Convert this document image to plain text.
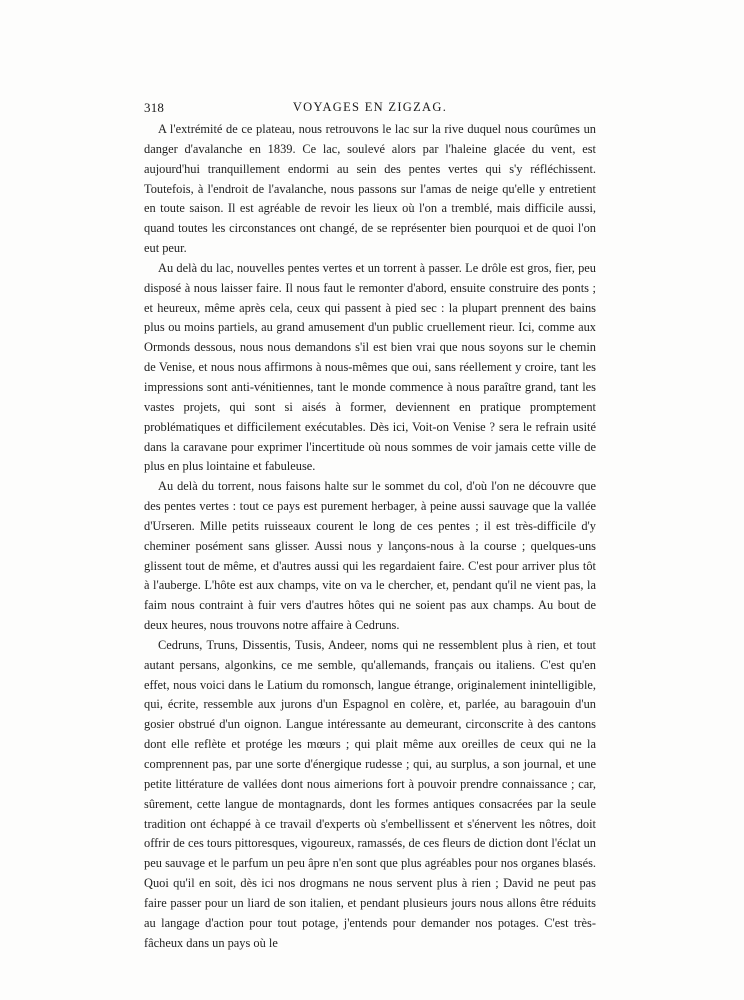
318	VOYAGES EN ZIGZAG.

A l'extrémité de ce plateau, nous retrouvons le lac sur la rive duquel nous courûmes un danger d'avalanche en 1839. Ce lac, soulevé alors par l'haleine glacée du vent, est aujourd'hui tranquillement endormi au sein des pentes vertes qui s'y réfléchissent. Toutefois, à l'endroit de l'avalanche, nous passons sur l'amas de neige qu'elle y entretient en toute saison. Il est agréable de revoir les lieux où l'on a tremblé, mais difficile aussi, quand toutes les circonstances ont changé, de se représenter bien pourquoi et de quoi l'on eut peur.

Au delà du lac, nouvelles pentes vertes et un torrent à passer. Le drôle est gros, fier, peu disposé à nous laisser faire. Il nous faut le remonter d'abord, ensuite construire des ponts ; et heureux, même après cela, ceux qui passent à pied sec : la plupart prennent des bains plus ou moins partiels, au grand amusement d'un public cruellement rieur. Ici, comme aux Ormonds dessous, nous nous demandons s'il est bien vrai que nous soyons sur le chemin de Venise, et nous nous affirmons à nous-mêmes que oui, sans réellement y croire, tant les impressions sont anti-vénitiennes, tant le monde commence à nous paraître grand, tant les vastes projets, qui sont si aisés à former, deviennent en pratique promptement problématiques et difficilement exécutables. Dès ici, Voit-on Venise ? sera le refrain usité dans la caravane pour exprimer l'incertitude où nous sommes de voir jamais cette ville de plus en plus lointaine et fabuleuse.

Au delà du torrent, nous faisons halte sur le sommet du col, d'où l'on ne découvre que des pentes vertes : tout ce pays est purement herbager, à peine aussi sauvage que la vallée d'Urseren. Mille petits ruisseaux courent le long de ces pentes ; il est très-difficile d'y cheminer posément sans glisser. Aussi nous y lançons-nous à la course ; quelques-uns glissent tout de même, et d'autres aussi qui les regardaient faire. C'est pour arriver plus tôt à l'auberge. L'hôte est aux champs, vite on va le chercher, et, pendant qu'il ne vient pas, la faim nous contraint à fuir vers d'autres hôtes qui ne soient pas aux champs. Au bout de deux heures, nous trouvons notre affaire à Cedruns.

Cedruns, Truns, Dissentis, Tusis, Andeer, noms qui ne ressemblent plus à rien, et tout autant persans, algonkins, ce me semble, qu'allemands, français ou italiens. C'est qu'en effet, nous voici dans le Latium du romonsch, langue étrange, originalement inintelligible, qui, écrite, ressemble aux jurons d'un Espagnol en colère, et, parlée, au baragouin d'un gosier obstrué d'un oignon. Langue intéressante au demeurant, circonscrite à des cantons dont elle reflète et protége les mœurs ; qui plait même aux oreilles de ceux qui ne la comprennent pas, par une sorte d'énergique rudesse ; qui, au surplus, a son journal, et une petite littérature de vallées dont nous aimerions fort à pouvoir prendre connaissance ; car, sûrement, cette langue de montagnards, dont les formes antiques consacrées par la seule tradition ont échappé à ce travail d'experts où s'embellissent et s'énervent les nôtres, doit offrir de ces tours pittoresques, vigoureux, ramassés, de ces fleurs de diction dont l'éclat un peu sauvage et le parfum un peu âpre n'en sont que plus agréables pour nos organes blasés. Quoi qu'il en soit, dès ici nos drogmans ne nous servent plus à rien ; David ne peut pas faire passer pour un liard de son italien, et pendant plusieurs jours nous allons être réduits au langage d'action pour tout potage, j'entends pour demander nos potages. C'est très-fâcheux dans un pays où le
